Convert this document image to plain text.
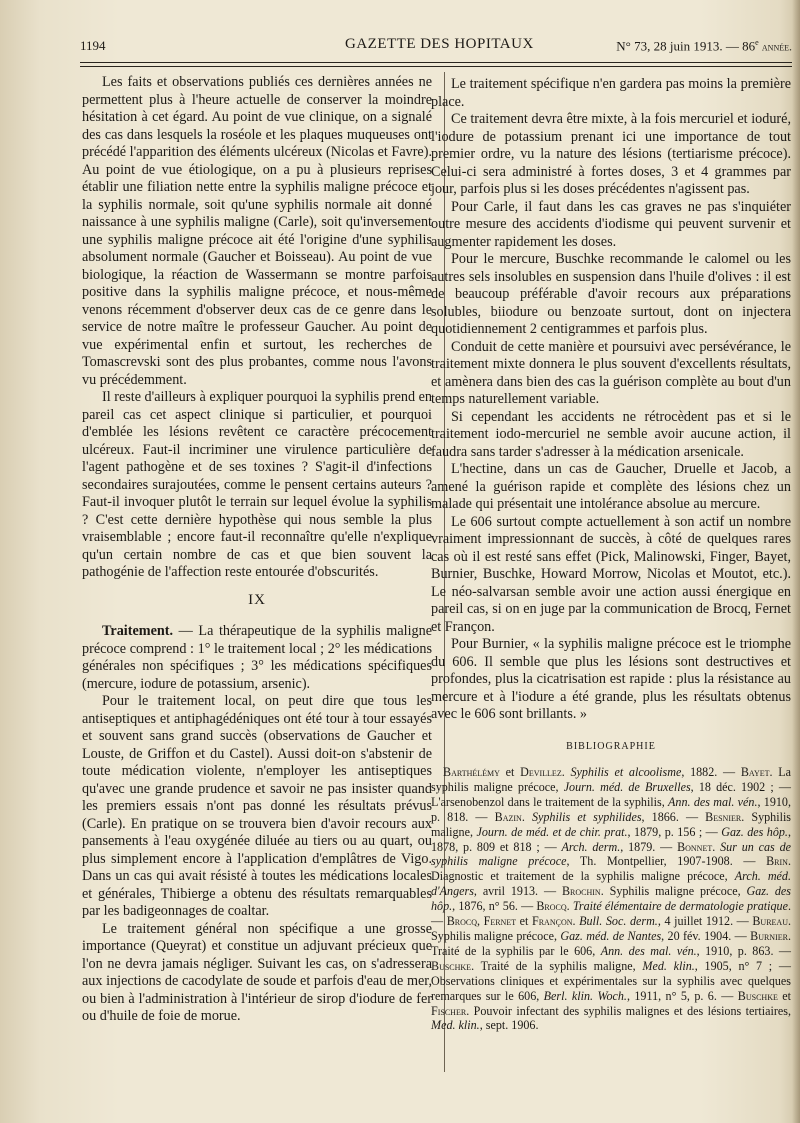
1194	GAZETTE DES HOPITAUX	N° 73, 28 juin 1913. — 86e année.

Les faits et observations publiés ces dernières années ne permettent plus à l'heure actuelle de conserver la moindre hésitation à cet égard. Au point de vue clinique, on a signalé des cas dans lesquels la roséole et les plaques muqueuses ont précédé l'apparition des éléments ulcéreux (Nicolas et Favre). Au point de vue étiologique, on a pu à plusieurs reprises établir une filiation nette entre la syphilis maligne précoce et la syphilis normale, soit qu'une syphilis normale ait donné naissance à une syphilis maligne (Carle), soit qu'inversement une syphilis maligne précoce ait été l'origine d'une syphilis absolument normale (Gaucher et Boisseau). Au point de vue biologique, la réaction de Wassermann se montre parfois positive dans la syphilis maligne précoce, et nous-même venons récemment d'observer deux cas de ce genre dans le service de notre maître le professeur Gaucher. Au point de vue expérimental enfin et surtout, les recherches de Tomascrevski sont des plus probantes, comme nous l'avons vu précédemment.

Il reste d'ailleurs à expliquer pourquoi la syphilis prend en pareil cas cet aspect clinique si particulier, et pourquoi d'emblée les lésions revêtent ce caractère précocement ulcéreux. Faut-il incriminer une virulence particulière de l'agent pathogène et de ses toxines ? S'agit-il d'infections secondaires surajoutées, comme le pensent certains auteurs ? Faut-il invoquer plutôt le terrain sur lequel évolue la syphilis ? C'est cette dernière hypothèse qui nous semble la plus vraisemblable ; encore faut-il reconnaître qu'elle n'explique qu'un certain nombre de cas et que bien souvent la pathogénie de l'affection reste entourée d'obscurités.

IX

Traitement. — La thérapeutique de la syphilis maligne précoce comprend : 1° le traitement local ; 2° les médications générales non spécifiques ; 3° les médications spécifiques (mercure, iodure de potassium, arsenic).

Pour le traitement local, on peut dire que tous les antiseptiques et antiphagédéniques ont été tour à tour essayés et souvent sans grand succès (observations de Gaucher et Louste, de Griffon et du Castel). Aussi doit-on s'abstenir de toute médication violente, n'employer les antiseptiques qu'avec une grande prudence et savoir ne pas insister quand les premiers essais n'ont pas donné les résultats prévus (Carle). En pratique on se trouvera bien d'avoir recours aux pansements à l'eau oxygénée diluée au tiers ou au quart, ou plus simplement encore à l'application d'emplâtres de Vigo. Dans un cas qui avait résisté à toutes les médications locales et générales, Thibierge a obtenu des résultats remarquables par les badigeonnages de coaltar.

Le traitement général non spécifique a une grosse importance (Queyrat) et constitue un adjuvant précieux que l'on ne devra jamais négliger. Suivant les cas, on s'adressera aux injections de cacodylate de soude et parfois d'eau de mer, ou bien à l'administration à l'intérieur de sirop d'iodure de fer ou d'huile de foie de morue.

Le traitement spécifique n'en gardera pas moins la première place.

Ce traitement devra être mixte, à la fois mercuriel et ioduré, l'iodure de potassium prenant ici une importance de tout premier ordre, vu la nature des lésions (tertiarisme précoce). Celui-ci sera administré à fortes doses, 3 et 4 grammes par jour, parfois plus si les doses précédentes n'agissent pas.

Pour Carle, il faut dans les cas graves ne pas s'inquiéter outre mesure des accidents d'iodisme qui peuvent survenir et augmenter rapidement les doses.

Pour le mercure, Buschke recommande le calomel ou les autres sels insolubles en suspension dans l'huile d'olives : il est de beaucoup préférable d'avoir recours aux préparations solubles, biiodure ou benzoate surtout, dont on injectera quotidiennement 2 centigrammes et parfois plus.

Conduit de cette manière et poursuivi avec persévérance, le traitement mixte donnera le plus souvent d'excellents résultats, et amènera dans bien des cas la guérison complète au bout d'un temps naturellement variable.

Si cependant les accidents ne rétrocèdent pas et si le traitement iodo-mercuriel ne semble avoir aucune action, il faudra sans tarder s'adresser à la médication arsenicale.

L'hectine, dans un cas de Gaucher, Druelle et Jacob, a amené la guérison rapide et complète des lésions chez un malade qui présentait une intolérance absolue au mercure.

Le 606 surtout compte actuellement à son actif un nombre vraiment impressionnant de succès, à côté de quelques rares cas où il est resté sans effet (Pick, Malinowski, Finger, Bayet, Burnier, Buschke, Howard Morrow, Nicolas et Moutot, etc.). Le néo-salvarsan semble avoir une action aussi énergique en pareil cas, si on en juge par la communication de Brocq, Fernet et Françon.

Pour Burnier, « la syphilis maligne précoce est le triomphe du 606. Il semble que plus les lésions sont destructives et profondes, plus la cicatrisation est rapide : plus la résistance au mercure et à l'iodure a été grande, plus les résultats obtenus avec le 606 sont brillants. »

BIBLIOGRAPHIE

Barthélémy et Devillez. Syphilis et alcoolisme, 1882. — Bayet. La syphilis maligne précoce, Journ. méd. de Bruxelles, 18 déc. 1902 ; — L'arsenobenzol dans le traitement de la syphilis, Ann. des mal. vén., 1910, p. 818. — Bazin. Syphilis et syphilides, 1866. — Besnier. Syphilis maligne, Journ. de méd. et de chir. prat., 1879, p. 156 ; — Gaz. des hôp., 1878, p. 809 et 818 ; — Arch. derm., 1879. — Bonnet. Sur un cas de syphilis maligne précoce, Th. Montpellier, 1907-1908. — Brin. Diagnostic et traitement de la syphilis maligne précoce, Arch. méd. d'Angers, avril 1913. — Brochin. Syphilis maligne précoce, Gaz. des hôp., 1876, n° 56. — Brocq. Traité élémentaire de dermatologie pratique. — Brocq, Fernet et Françon. Bull. Soc. derm., 4 juillet 1912. — Bureau. Syphilis maligne précoce, Gaz. méd. de Nantes, 20 fév. 1904. — Burnier. Traité de la syphilis par le 606, Ann. des mal. vén., 1910, p. 863. — Buschke. Traité de la syphilis maligne, Med. klin., 1905, n° 7 ; — Observations cliniques et expérimentales sur la syphilis avec quelques remarques sur le 606, Berl. klin. Woch., 1911, n° 5, p. 6. — Buschke et Fischer. Pouvoir infectant des syphilis malignes et des lésions tertiaires, Med. klin., sept. 1906.
